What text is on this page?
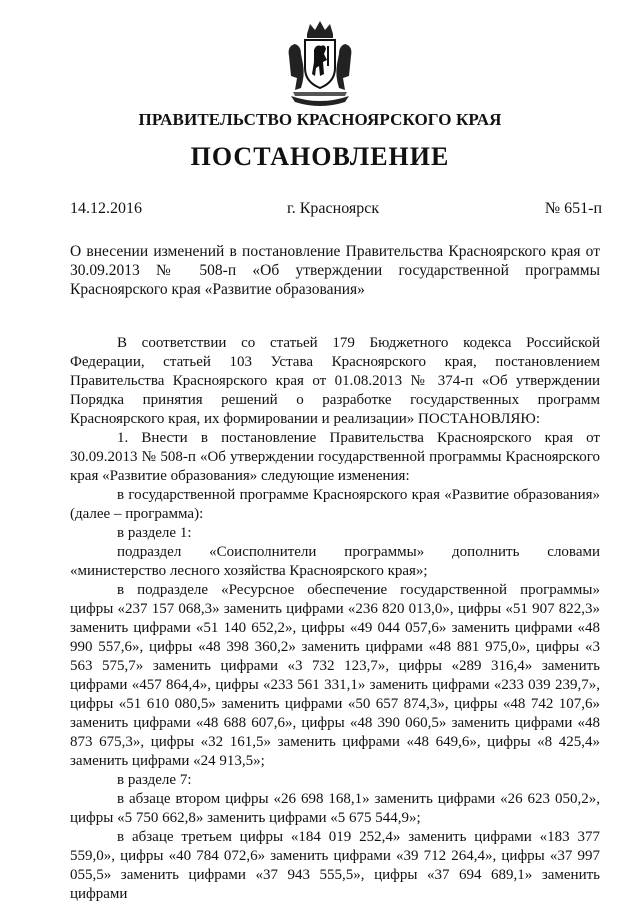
ПРАВИТЕЛЬСТВО КРАСНОЯРСКОГО КРАЯ
ПОСТАНОВЛЕНИЕ
14.12.2016	г. Красноярск	№ 651-п
О внесении изменений в постановление Правительства Красноярского края от 30.09.2013 № 508-п «Об утверждении государственной программы Красноярского края «Развитие образования»

В соответствии со статьей 179 Бюджетного кодекса Российской Федерации, статьей 103 Устава Красноярского края, постановлением Правительства Красноярского края от 01.08.2013 № 374-п «Об утверждении Порядка принятия решений о разработке государственных программ Красноярского края, их формировании и реализации» ПОСТАНОВЛЯЮ:

1. Внести в постановление Правительства Красноярского края от 30.09.2013 № 508-п «Об утверждении государственной программы Красноярского края «Развитие образования» следующие изменения:

в государственной программе Красноярского края «Развитие образования» (далее – программа):

в разделе 1:

подраздел «Соисполнители программы» дополнить словами «министерство лесного хозяйства Красноярского края»;

в подразделе «Ресурсное обеспечение государственной программы» цифры «237 157 068,3» заменить цифрами «236 820 013,0», цифры «51 907 822,3» заменить цифрами «51 140 652,2», цифры «49 044 057,6» заменить цифрами «48 990 557,6», цифры «48 398 360,2» заменить цифрами «48 881 975,0», цифры «3 563 575,7» заменить цифрами «3 732 123,7», цифры «289 316,4» заменить цифрами «457 864,4», цифры «233 561 331,1» заменить цифрами «233 039 239,7», цифры «51 610 080,5» заменить цифрами «50 657 874,3», цифры «48 742 107,6» заменить цифрами «48 688 607,6», цифры «48 390 060,5» заменить цифрами «48 873 675,3», цифры «32 161,5» заменить цифрами «48 649,6», цифры «8 425,4» заменить цифрами «24 913,5»;

в разделе 7:

в абзаце втором цифры «26 698 168,1» заменить цифрами «26 623 050,2», цифры «5 750 662,8» заменить цифрами «5 675 544,9»;

в абзаце третьем цифры «184 019 252,4» заменить цифрами «183 377 559,0», цифры «40 784 072,6» заменить цифрами «39 712 264,4», цифры «37 997 055,5» заменить цифрами «37 943 555,5», цифры «37 694 689,1» заменить цифрами
